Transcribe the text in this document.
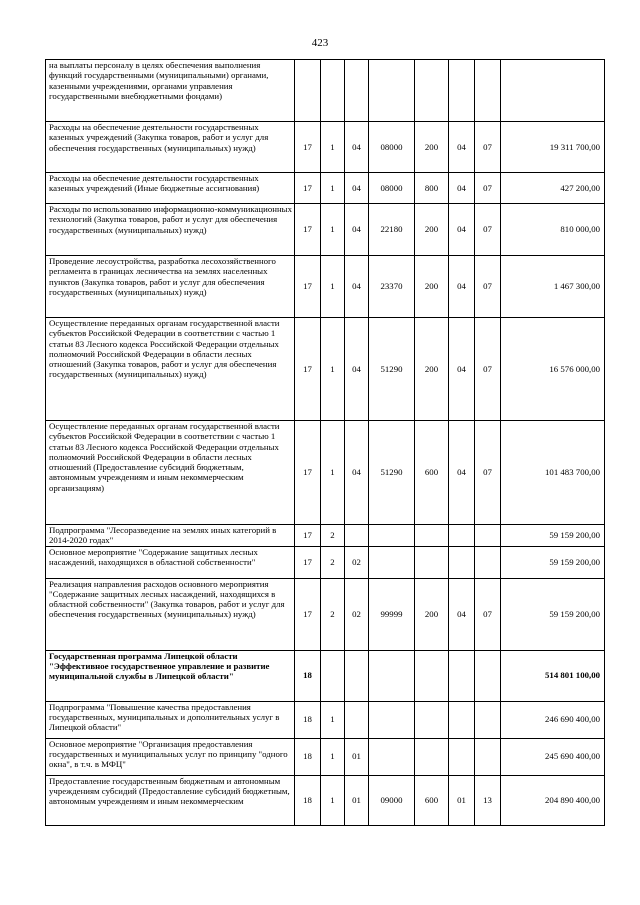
423
на выплаты персоналу в целях обеспечения выполнения функций государственными (муниципальными) органами, казенными учреждениями, органами управления государственными внебюджетными фондами)								
Расходы на обеспечение деятельности государственных казенных учреждений (Закупка товаров, работ и услуг для обеспечения государственных (муниципальных) нужд)	17	1	04	08000	200	04	07	19 311 700,00
Расходы на обеспечение деятельности государственных казенных учреждений (Иные бюджетные ассигнования)	17	1	04	08000	800	04	07	427 200,00
Расходы по использованию информационно-коммуникационных технологий (Закупка товаров, работ и услуг для обеспечения государственных (муниципальных) нужд)	17	1	04	22180	200	04	07	810 000,00
Проведение лесоустройства, разработка лесохозяйственного регламента в границах лесничества на землях населенных пунктов (Закупка товаров, работ и услуг для обеспечения государственных (муниципальных) нужд)	17	1	04	23370	200	04	07	1 467 300,00
Осуществление переданных органам государственной власти субъектов Российской Федерации в соответствии с частью 1 статьи 83 Лесного кодекса Российской Федерации отдельных полномочий Российской Федерации в области лесных отношений (Закупка товаров, работ и услуг для обеспечения государственных (муниципальных) нужд)	17	1	04	51290	200	04	07	16 576 000,00
Осуществление переданных органам государственной власти субъектов Российской Федерации в соответствии с частью 1 статьи 83 Лесного кодекса Российской Федерации отдельных полномочий Российской Федерации в области лесных отношений (Предоставление субсидий бюджетным, автономным учреждениям и иным некоммерческим организациям)	17	1	04	51290	600	04	07	101 483 700,00
Подпрограмма "Лесоразведение на землях иных категорий в 2014-2020 годах"	17	2						59 159 200,00
Основное мероприятие "Содержание защитных лесных насаждений, находящихся в областной собственности"	17	2	02					59 159 200,00
Реализация направления расходов основного мероприятия "Содержание защитных лесных насаждений, находящихся в областной собственности" (Закупка товаров, работ и услуг для обеспечения государственных (муниципальных) нужд)	17	2	02	99999	200	04	07	59 159 200,00
Государственная программа Липецкой области "Эффективное государственное управление и развитие муниципальной службы в Липецкой области"	18							514 801 100,00
Подпрограмма "Повышение качества предоставления государственных, муниципальных и дополнительных услуг в Липецкой области"	18	1						246 690 400,00
Основное мероприятие "Организация предоставления государственных и муниципальных услуг по принципу "одного окна", в т.ч. в МФЦ"	18	1	01					245 690 400,00
Предоставление государственным бюджетным и автономным учреждениям субсидий (Предоставление субсидий бюджетным, автономным учреждениям и иным некоммерческим	18	1	01	09000	600	01	13	204 890 400,00
